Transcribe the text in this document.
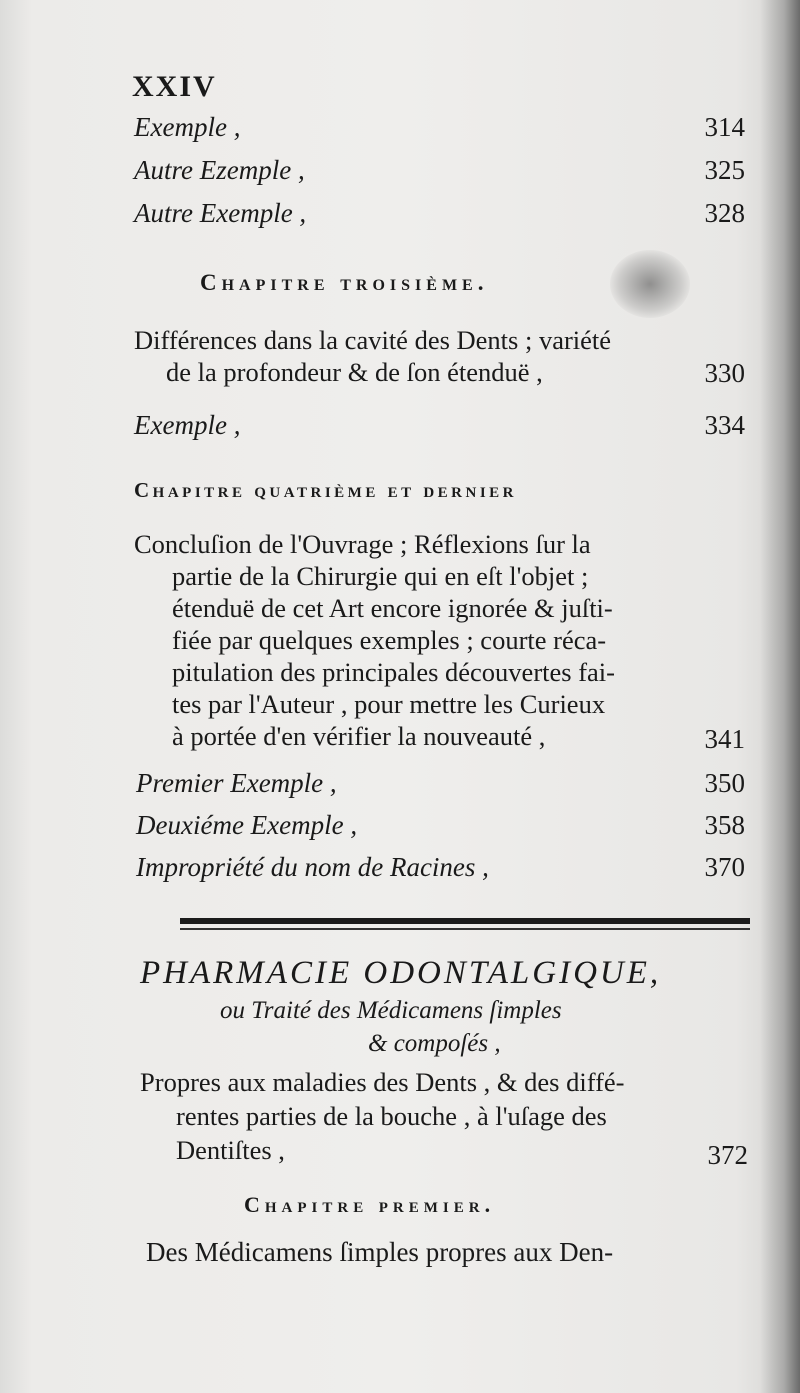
XXIV
Exemple ,	314
Autre Ezemple ,	325
Autre Exemple ,	328
Chapitre troisième.
Différences dans la cavité des Dents ; variété
de la profondeur & de ſon étenduë ,	330
Exemple ,	334
Chapitre quatrième et dernier
Concluſion de l'Ouvrage ; Réflexions ſur la
partie de la Chirurgie qui en eſt l'objet ;
étenduë de cet Art encore ignorée & juſti-
fiée par quelques exemples ; courte réca-
pitulation des principales découvertes fai-
tes par l'Auteur , pour mettre les Curieux
à portée d'en vérifier la nouveauté ,	341
Premier Exemple ,	350
Deuxiéme Exemple ,	358
Impropriété du nom de Racines ,	370
PHARMACIE ODONTALGIQUE,
ou Traité des Médicamens ſimples
& compoſés ,
Propres aux maladies des Dents , & des diffé-
rentes parties de la bouche , à l'uſage des
Dentiſtes ,	372
Chapitre premier.
Des Médicamens ſimples propres aux Den-
